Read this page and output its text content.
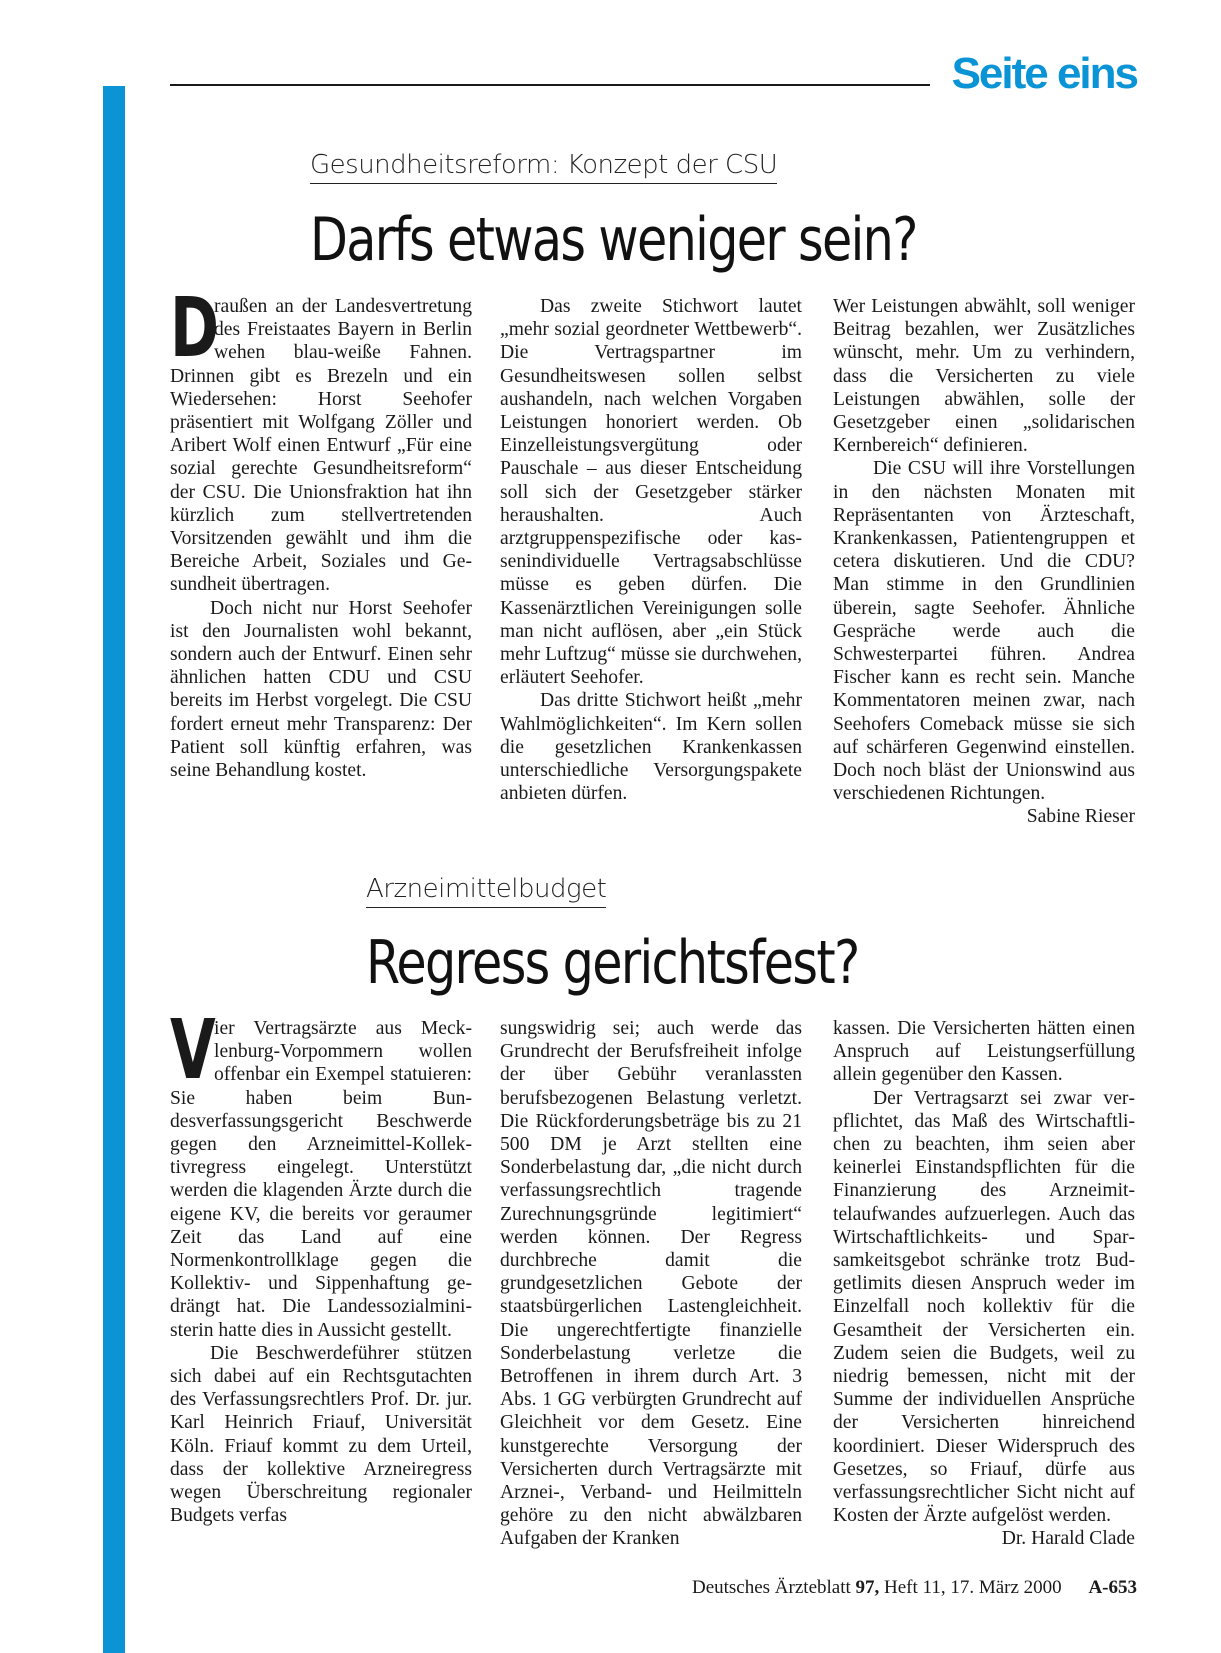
Seite eins
Gesundheitsreform: Konzept der CSU
Darfs etwas weniger sein?

D
raußen an der Landesvertretung des Freistaates Bayern in Berlin wehen blau-weiße Fahnen. Drinnen gibt es Brezeln und ein Wiedersehen: Horst Seehofer präsentiert mit Wolfgang Zöller und Aribert Wolf einen Entwurf „Für eine sozial gerechte Gesundheitsreform“ der CSU. Die Unionsfraktion hat ihn kürzlich zum stellvertretenden Vorsitzenden gewählt und ihm die Bereiche Arbeit, Soziales und Gesundheit übertragen.

Doch nicht nur Horst Seehofer ist den Journalisten wohl bekannt, sondern auch der Entwurf. Einen sehr ähnlichen hatten CDU und CSU bereits im Herbst vorgelegt. Die CSU fordert erneut mehr Transparenz: Der Patient soll künftig erfahren, was seine Behandlung kostet.

Das zweite Stichwort lautet „mehr sozial geordneter Wettbewerb“. Die Vertragspartner im Gesundheitswesen sollen selbst aushandeln, nach welchen Vorgaben Leistungen honoriert werden. Ob Einzelleistungsvergütung oder Pauschale – aus dieser Entscheidung soll sich der Gesetzgeber stärker heraushalten. Auch arztgruppenspezifische oder kassenindividuelle Vertragsabschlüsse müsse es geben dürfen. Die Kassenärztlichen Vereinigungen solle man nicht auflösen, aber „ein Stück mehr Luftzug“ müsse sie durchwehen, erläutert Seehofer.

Das dritte Stichwort heißt „mehr Wahlmöglichkeiten“. Im Kern sollen die gesetzlichen Krankenkassen unterschiedliche Versorgungspakete anbieten dürfen.

Wer Leistungen abwählt, soll weniger Beitrag bezahlen, wer Zusätzliches wünscht, mehr. Um zu verhindern, dass die Versicherten zu viele Leistungen abwählen, solle der Gesetzgeber einen „solidarischen Kernbereich“ definieren.

Die CSU will ihre Vorstellungen in den nächsten Monaten mit Repräsentanten von Ärzteschaft, Krankenkassen, Patientengruppen et cetera diskutieren. Und die CDU? Man stimme in den Grundlinien überein, sagte Seehofer. Ähnliche Gespräche werde auch die Schwesterpartei führen. Andrea Fischer kann es recht sein. Manche Kommentatoren meinen zwar, nach Seehofers Comeback müsse sie sich auf schärferen Gegenwind einstellen. Doch noch bläst der Unionswind aus verschiedenen Richtungen.
Sabine Rieser

Arzneimittelbudget
Regress gerichtsfest?

V
ier Vertragsärzte aus Mecklenburg-Vorpommern wollen offenbar ein Exempel statuieren: Sie haben beim Bundesverfassungsgericht Beschwerde gegen den Arzneimittel-Kollektivregress eingelegt. Unterstützt werden die klagenden Ärzte durch die eigene KV, die bereits vor geraumer Zeit das Land auf eine Normenkontrollklage gegen die Kollektiv- und Sippenhaftung gedrängt hat. Die Landessozialministerin hatte dies in Aussicht gestellt.

Die Beschwerdeführer stützen sich dabei auf ein Rechtsgutachten des Verfassungsrechtlers Prof. Dr. jur. Karl Heinrich Friauf, Universität Köln. Friauf kommt zu dem Urteil, dass der kollektive Arzneiregress wegen Überschreitung regionaler Budgets verfas

sungswidrig sei; auch werde das Grundrecht der Berufsfreiheit infolge der über Gebühr veranlassten berufsbezogenen Belastung verletzt. Die Rückforderungsbeträge bis zu 21 500 DM je Arzt stellten eine Sonderbelastung dar, „die nicht durch verfassungsrechtlich tragende Zurechnungsgründe legitimiert“ werden können. Der Regress durchbreche damit die grundgesetzlichen Gebote der staatsbürgerlichen Lastengleichheit. Die ungerechtfertigte finanzielle Sonderbelastung verletze die Betroffenen in ihrem durch Art. 3 Abs. 1 GG verbürgten Grundrecht auf Gleichheit vor dem Gesetz. Eine kunstgerechte Versorgung der Versicherten durch Vertragsärzte mit Arznei-, Verband- und Heilmitteln gehöre zu den nicht abwälzbaren Aufgaben der Kranken

kassen. Die Versicherten hätten einen Anspruch auf Leistungserfüllung allein gegenüber den Kassen.

Der Vertragsarzt sei zwar verpflichtet, das Maß des Wirtschaftlichen zu beachten, ihm seien aber keinerlei Einstandspflichten für die Finanzierung des Arzneimittelaufwandes aufzuerlegen. Auch das Wirtschaftlichkeits- und Sparsamkeitsgebot schränke trotz Budgetlimits diesen Anspruch weder im Einzelfall noch kollektiv für die Gesamtheit der Versicherten ein. Zudem seien die Budgets, weil zu niedrig bemessen, nicht mit der Summe der individuellen Ansprüche der Versicherten hinreichend koordiniert. Dieser Widerspruch des Gesetzes, so Friauf, dürfe aus verfassungsrechtlicher Sicht nicht auf Kosten der Ärzte aufgelöst werden.
Dr. Harald Clade

Deutsches Ärzteblatt 97, Heft 11, 17. März 2000 A-653
